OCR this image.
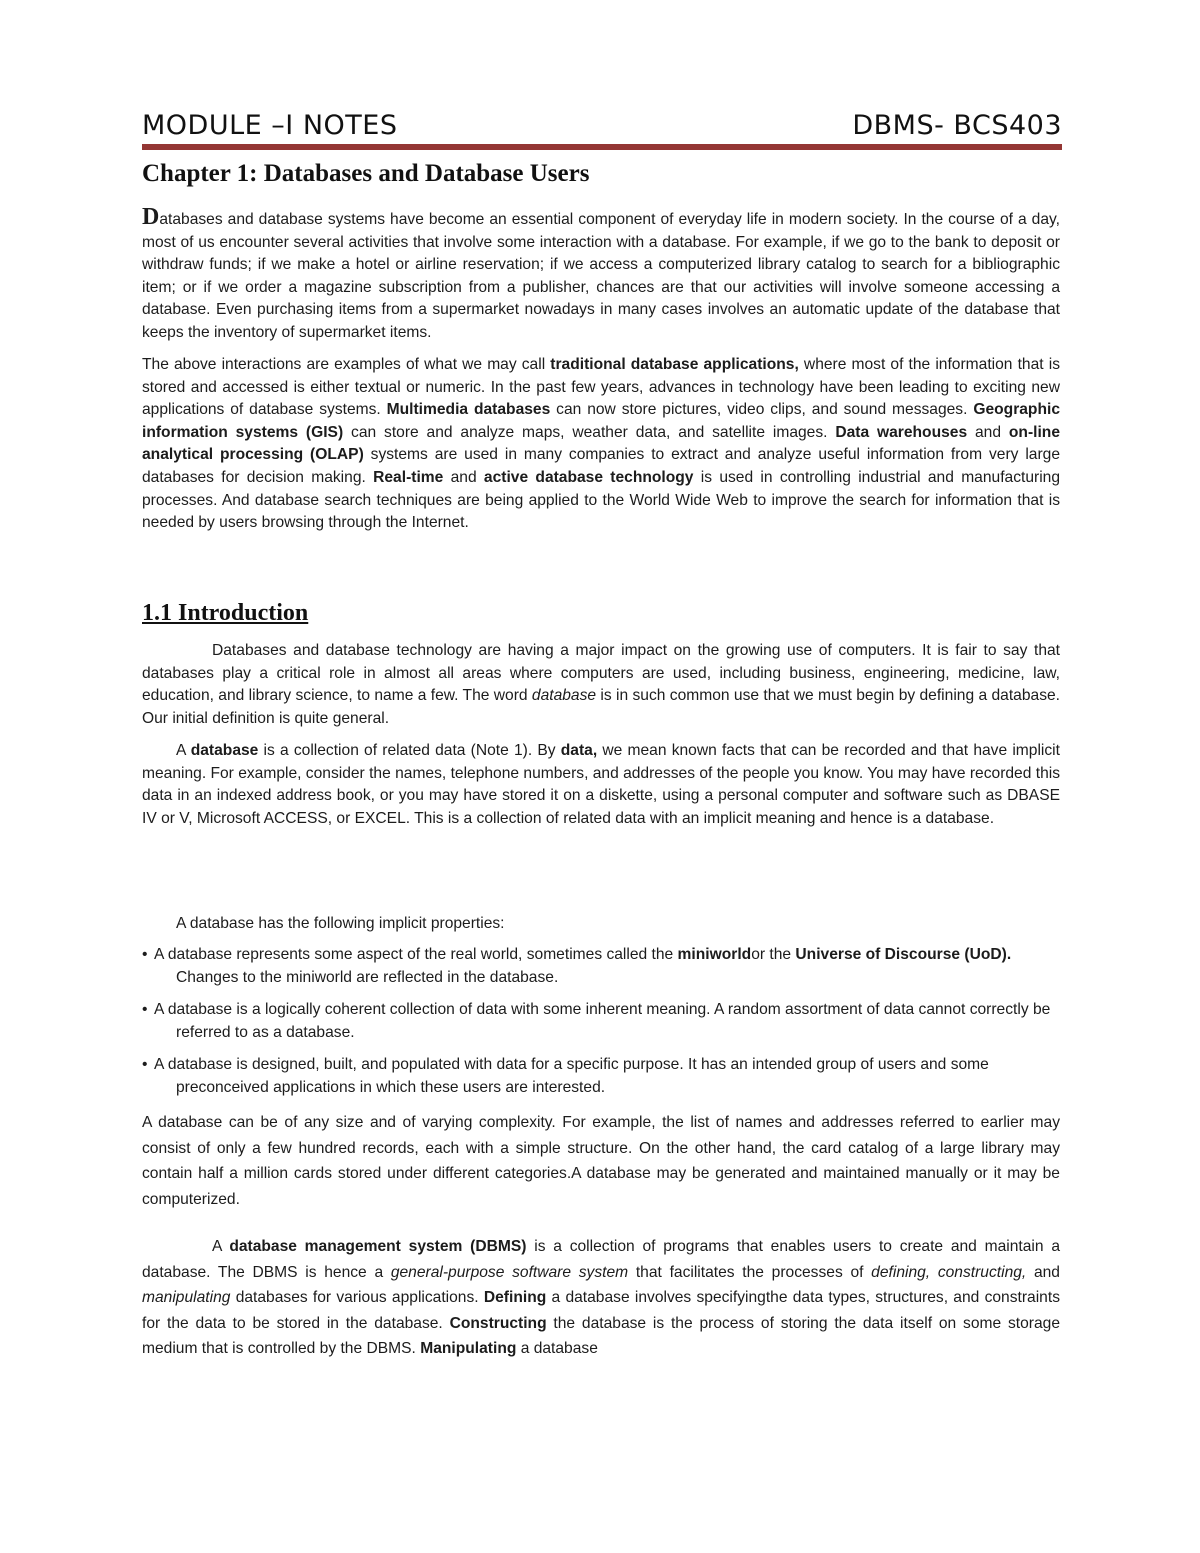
MODULE –I NOTES	DBMS- BCS403
Chapter 1: Databases and Database Users

Databases and database systems have become an essential component of everyday life in modern society. In the course of a day, most of us encounter several activities that involve some interaction with a database. For example, if we go to the bank to deposit or withdraw funds; if we make a hotel or airline reservation; if we access a computerized library catalog to search for a bibliographic item; or if we order a magazine subscription from a publisher, chances are that our activities will involve someone accessing a database. Even purchasing items from a supermarket nowadays in many cases involves an automatic update of the database that keeps the inventory of supermarket items.

The above interactions are examples of what we may call traditional database applications, where most of the information that is stored and accessed is either textual or numeric. In the past few years, advances in technology have been leading to exciting new applications of database systems. Multimedia databases can now store pictures, video clips, and sound messages. Geographic information systems (GIS) can store and analyze maps, weather data, and satellite images. Data warehouses and on-line analytical processing (OLAP) systems are used in many companies to extract and analyze useful information from very large databases for decision making. Real-time and active database technology is used in controlling industrial and manufacturing processes. And database search techniques are being applied to the World Wide Web to improve the search for information that is needed by users browsing through the Internet.

1.1 Introduction

Databases and database technology are having a major impact on the growing use of computers. It is fair to say that databases play a critical role in almost all areas where computers are used, including business, engineering, medicine, law, education, and library science, to name a few. The word database is in such common use that we must begin by defining a database. Our initial definition is quite general.

A database is a collection of related data (Note 1). By data, we mean known facts that can be recorded and that have implicit meaning. For example, consider the names, telephone numbers, and addresses of the people you know. You may have recorded this data in an indexed address book, or you may have stored it on a diskette, using a personal computer and software such as DBASE IV or V, Microsoft ACCESS, or EXCEL. This is a collection of related data with an implicit meaning and hence is a database.

A database has the following implicit properties:

• A database represents some aspect of the real world, sometimes called the miniworldor the Universe of Discourse (UoD). Changes to the miniworld are reflected in the database.
• A database is a logically coherent collection of data with some inherent meaning. A random assortment of data cannot correctly be referred to as a database.
• A database is designed, built, and populated with data for a specific purpose. It has an intended group of users and some preconceived applications in which these users are interested.

A database can be of any size and of varying complexity. For example, the list of names and addresses referred to earlier may consist of only a few hundred records, each with a simple structure. On the other hand, the card catalog of a large library may contain half a million cards stored under different categories.A database may be generated and maintained manually or it may be computerized.

A database management system (DBMS) is a collection of programs that enables users to create and maintain a database. The DBMS is hence a general-purpose software system that facilitates the processes of defining, constructing, and manipulating databases for various applications. Defining a database involves specifyingthe data types, structures, and constraints for the data to be stored in the database. Constructing the database is the process of storing the data itself on some storage medium that is controlled by the DBMS. Manipulating a database
